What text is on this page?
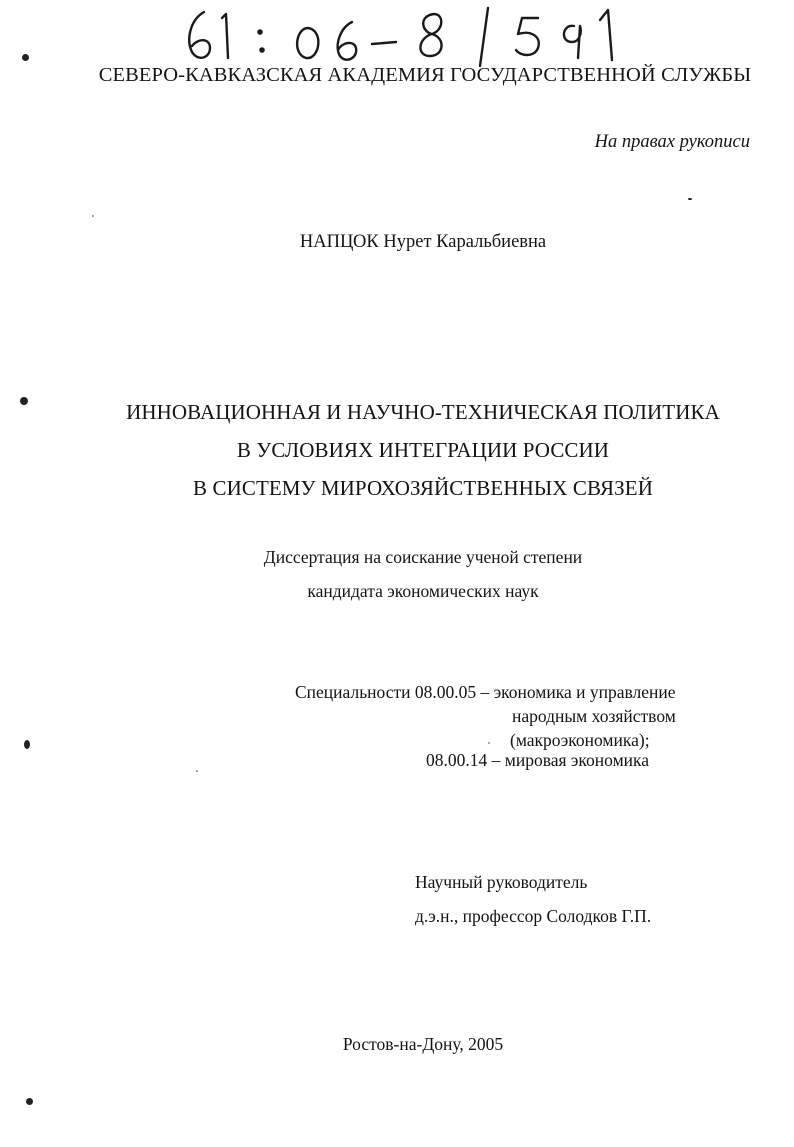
СЕВЕРО-КАВКАЗСКАЯ АКАДЕМИЯ ГОСУДАРСТВЕННОЙ СЛУЖБЫ
На правах рукописи
НАПЦОК Нурет Каральбиевна
ИННОВАЦИОННАЯ И НАУЧНО-ТЕХНИЧЕСКАЯ ПОЛИТИКА
В УСЛОВИЯХ ИНТЕГРАЦИИ РОССИИ
В СИСТЕМУ МИРОХОЗЯЙСТВЕННЫХ СВЯЗЕЙ
Диссертация на соискание ученой степени
кандидата экономических наук
Специальности 08.00.05 – экономика и управление
народным хозяйством
(макроэкономика);
08.00.14 – мировая экономика
Научный руководитель
д.э.н., профессор Солодков Г.П.
Ростов-на-Дону, 2005
